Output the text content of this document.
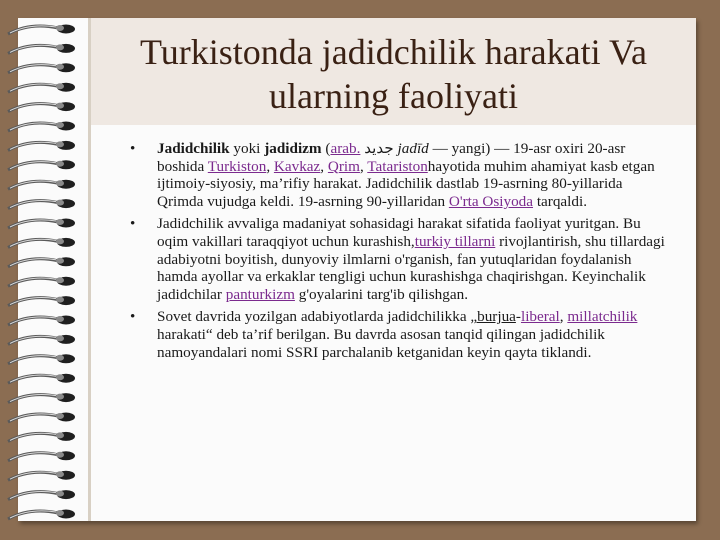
Turkistonda jadidchilik harakati Va
ularning faoliyati
• Jadidchilik yoki jadidizm (arab. جديد jadīd — yangi) — 19-asr oxiri 20-asr boshida Turkiston, Kavkaz, Qrim, Tataristonhayotida muhim ahamiyat kasb etgan ijtimoiy-siyosiy, ma’rifiy harakat. Jadidchilik dastlab 19-asrning 80-yillarida Qrimda vujudga keldi. 19-asrning 90-yillaridan O'rta Osiyoda tarqaldi.
• Jadidchilik avvaliga madaniyat sohasidagi harakat sifatida faoliyat yuritgan. Bu oqim vakillari taraqqiyot uchun kurashish,turkiy tillarni rivojlantirish, shu tillardagi adabiyotni boyitish, dunyoviy ilmlarni o'rganish, fan yutuqlaridan foydalanish hamda ayollar va erkaklar tengligi uchun kurashishga chaqirishgan. Keyinchalik jadidchilar panturkizm g'oyalarini targ'ib qilishgan.
• Sovet davrida yozilgan adabiyotlarda jadidchilikka „burjua-liberal, millatchilik harakati“ deb ta’rif berilgan. Bu davrda asosan tanqid qilingan jadidchilik namoyandalari nomi SSRI parchalanib ketganidan keyin qayta tiklandi.
